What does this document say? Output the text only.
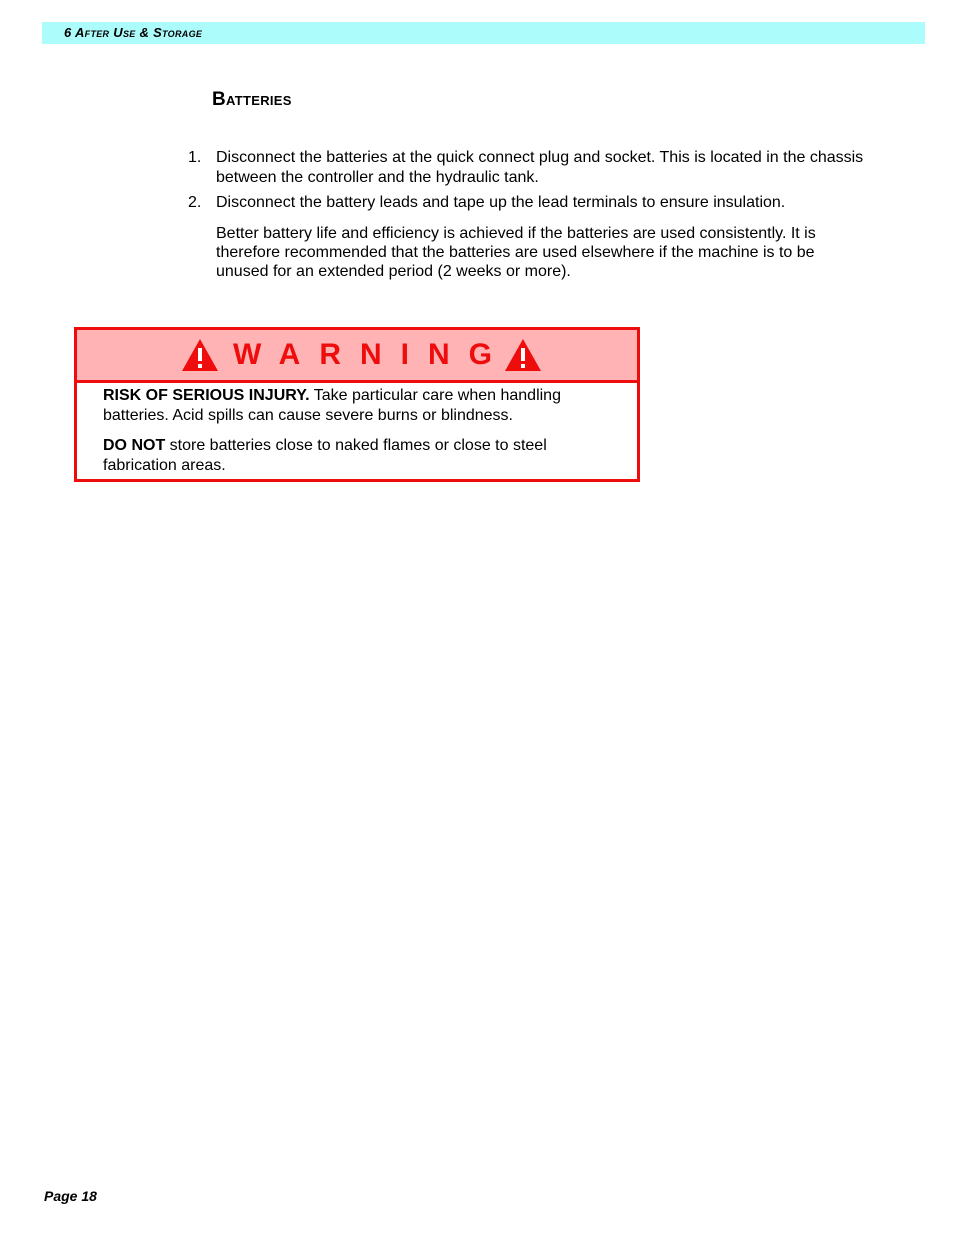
6 After Use & Storage
Batteries
1. Disconnect the batteries at the quick connect plug and socket. This is located in the chassis between the controller and the hydraulic tank.
2. Disconnect the battery leads and tape up the lead terminals to ensure insulation.

Better battery life and efficiency is achieved if the batteries are used consistently. It is therefore recommended that the batteries are used elsewhere if the machine is to be unused for an extended period (2 weeks or more).

WARNING

RISK OF SERIOUS INJURY. Take particular care when handling batteries. Acid spills can cause severe burns or blindness.

DO NOT store batteries close to naked flames or close to steel fabrication areas.

Page 18
